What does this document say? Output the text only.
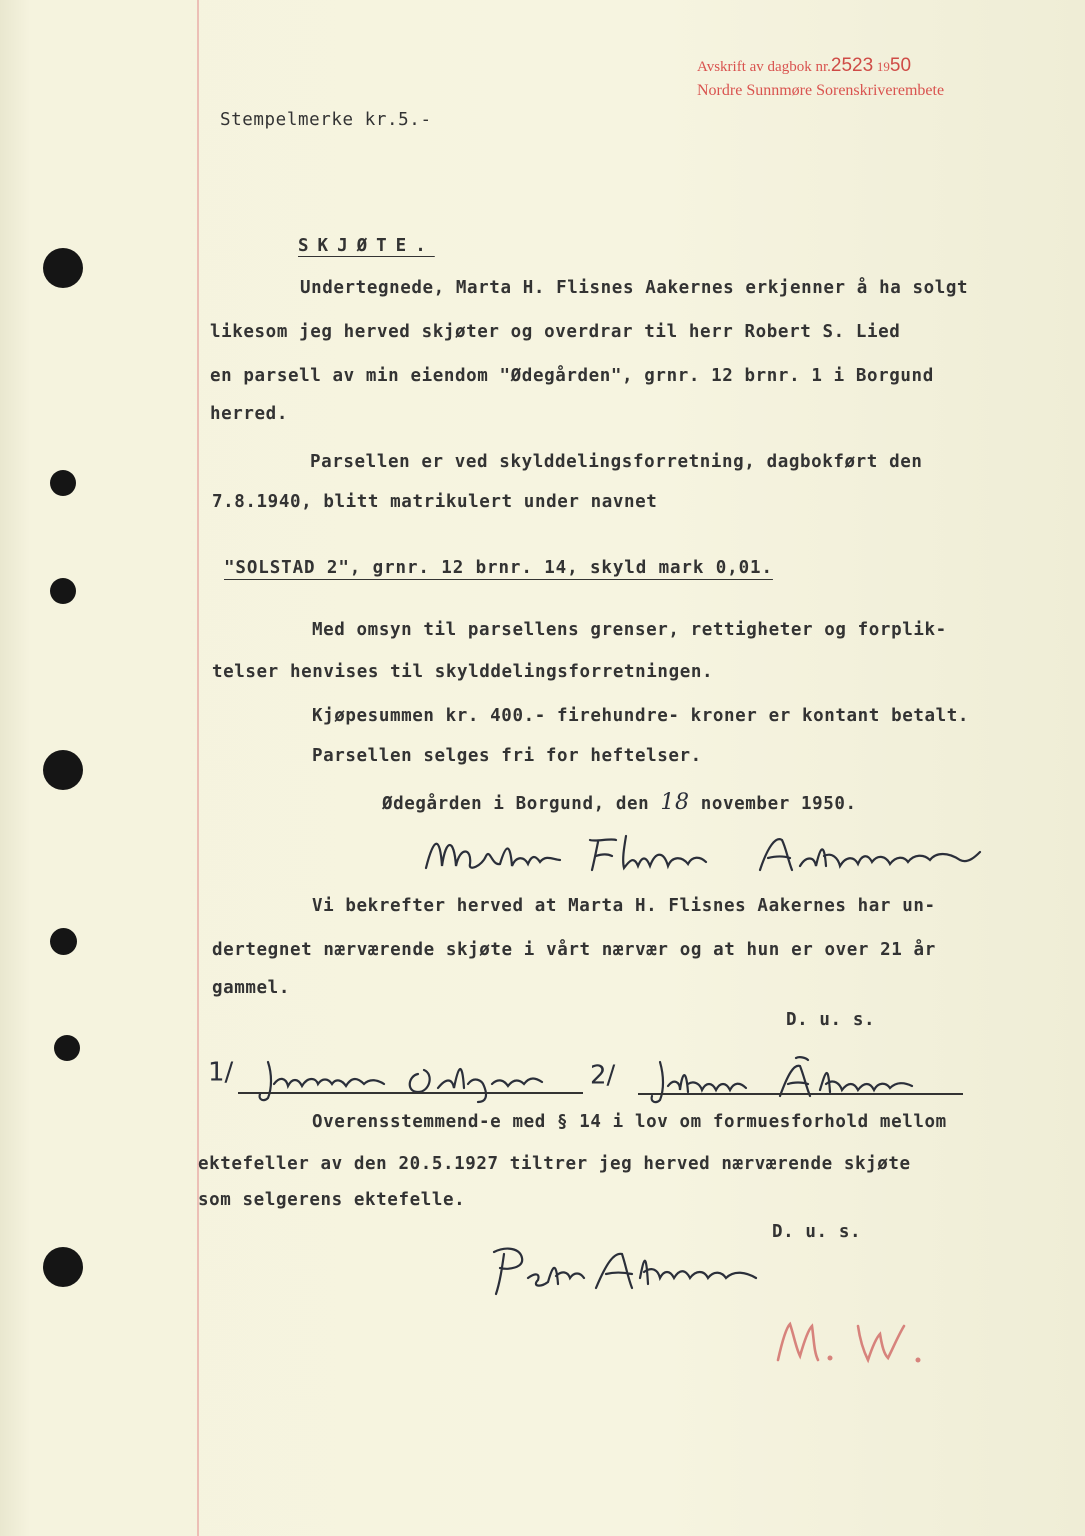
Avskrift av dagbok nr.2523 1950
Nordre Sunnmøre Sorenskriverembete
Stempelmerke kr.5.-
SKJØTE.
Undertegnede, Marta H. Flisnes Aakernes erkjenner å ha solgt
likesom jeg herved skjøter og overdrar til herr Robert S. Lied
en parsell av min eiendom "Ødegården", grnr. 12 brnr. 1 i Borgund
herred.
Parsellen er ved skylddelingsforretning, dagbokført den
7.8.1940, blitt matrikulert under navnet
"SOLSTAD 2", grnr. 12 brnr. 14, skyld mark 0,01.
Med omsyn til parsellens grenser, rettigheter og forplik-
telser henvises til skylddelingsforretningen.
Kjøpesummen kr. 400.- firehundre- kroner er kontant betalt.
Parsellen selges fri for heftelser.
Ødegården i Borgund, den 18 november 1950.
Vi bekrefter herved at Marta H. Flisnes Aakernes har un-
dertegnet nærværende skjøte i vårt nærvær og at hun er over 21 år
gammel.
D. u. s.
1/	2/
Overensstemmend-e med § 14 i lov om formuesforhold mellom
ektefeller av den 20.5.1927 tiltrer jeg herved nærværende skjøte
som selgerens ektefelle.
D. u. s.
